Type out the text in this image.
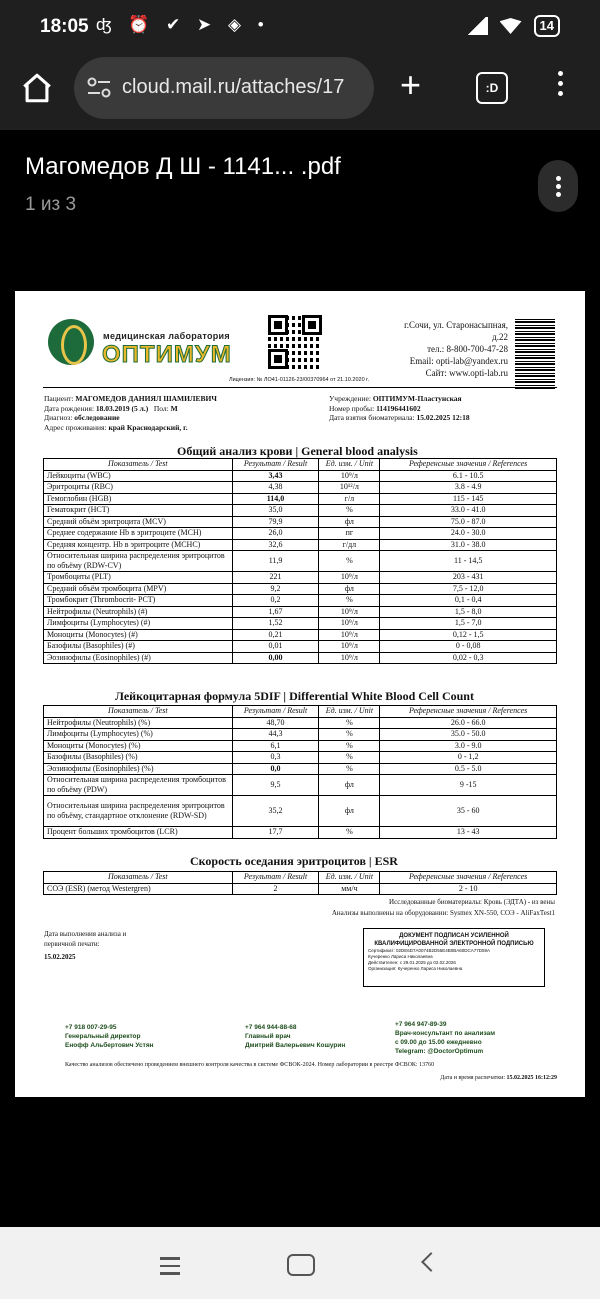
18:05 ʤ ⏰ ✔ ➤ ◈ •	14
cloud.mail.ru/attaches/17 +	:D
Магомедов Д Ш - 1141... .pdf
1 из 3
медицинская лаборатория
ОПТИМУМ
г.Сочи, ул. Старонасыпная,
д.22
тел.: 8-800-700-47-28
Email: opti-lab@yandex.ru
Сайт: www.opti-lab.ru
Лицензия: № ЛО41-01126-23/00370964 от 21.10.2020 г.
Пациент: МАГОМЕДОВ ДАНИЯЛ ШАМИЛЕВИЧ
Дата рождения: 18.03.2019 (5 л.) Пол: М
Диагноз: обследование
Адрес проживания: край Краснодарский, г.
Учреждение: ОПТИМУМ-Пластунская
Номер пробы: 114196441602
Дата взятия биоматериала: 15.02.2025 12:18
Общий анализ крови | General blood analysis
Показатель / Test	Результат / Result	Ед. изм. / Unit	Референсные значения / References
Лейкоциты (WBC)	3,43	10⁹/л	6.1 - 10.5
Эритроциты (RBC)	4,38	10¹²/л	3.8 - 4.9
Гемоглобин (HGB)	114,0	г/л	115 - 145
Гематокрит (HCT)	35,0	%	33.0 - 41.0
Средний объём эритроцита (MCV)	79,9	фл	75.0 - 87.0
Среднее содержание Hb в эритроците (MCH)	26,0	пг	24.0 - 30.0
Средняя концентр. Hb в эритроците (MCHC)	32,6	г/дл	31.0 - 38.0
Относительная ширина распределения эритроцитов по объёму (RDW-CV)	11,9	%	11 - 14,5
Тромбоциты (PLT)	221	10⁹/л	203 - 431
Средний объём тромбоцита (MPV)	9,2	фл	7,5 - 12,0
Тромбокрит (Thrombocrit- PCT)	0,2	%	0,1 - 0,4
Нейтрофилы (Neutrophils) (#)	1,67	10⁹/л	1,5 - 8,0
Лимфоциты (Lymphocytes) (#)	1,52	10⁹/л	1,5 - 7,0
Моноциты (Monocytes) (#)	0,21	10⁹/л	0,12 - 1,5
Базофилы (Basophiles) (#)	0,01	10⁹/л	0 - 0,08
Эозинофилы (Eosinophiles) (#)	0,00	10⁹/л	0,02 - 0,3
Лейкоцитарная формула 5DIF | Differential White Blood Cell Count
Показатель / Test	Результат / Result	Ед. изм. / Unit	Референсные значения / References
Нейтрофилы (Neutrophils) (%)	48,70	%	26.0 - 66.0
Лимфоциты (Lymphocytes) (%)	44,3	%	35.0 - 50.0
Моноциты (Monocytes) (%)	6,1	%	3.0 - 9.0
Базофилы (Basophiles) (%)	0,3	%	0 - 1,2
Эозинофилы (Eosinophiles) (%)	0,0	%	0.5 - 5.0
Относительная ширина распределения тромбоцитов по объёму (PDW)	9,5	фл	9 -15
Относительная ширина распределения эритроцитов по объёму, стандартное отклонение (RDW-SD)	35,2	фл	35 - 60
Процент больших тромбоцитов (LCR)	17,7	%	13 - 43
Скорость оседания эритроцитов | ESR
Показатель / Test	Результат / Result	Ед. изм. / Unit	Референсные значения / References
СОЭ (ESR) (метод Westergren)	2	мм/ч	2 - 10
Исследованные биоматериалы: Кровь (ЭДТА) - из вены
Анализы выполнены на оборудовании: Sysmex XN-550, СОЭ - AliFaxTest1
Дата выполнения анализа и первичной печати:
15.02.2025
ДОКУМЕНТ ПОДПИСАН УСИЛЕННОЙ КВАЛИФИЦИРОВАННОЙ ЭЛЕКТРОННОЙ ПОДПИСЬЮ
Сертификат: 02DE6D7A0074B2D55E4B0BA60DCA77D59A
Кучеренко Лариса Николаевна
Действителен: с 29.01.2025 до 02.02.2026
Организация: Кучеренко Лариса Николаевна
+7 918 007-29-95
Генеральный директор
Енофф Альбертович Устян
+7 964 944-88-68
Главный врач
Дмитрий Валерьевич Кошурин
+7 964 947-89-39
Врач-консультант по анализам
с 09.00 до 15.00 ежедневно
Telegram: @DoctorOptimum
Качество анализов обеспечено проведением внешнего контроля качества в системе ФСВОК-2024. Номер лаборатории в реестре ФСВОК: 13760
Дата и время распечатки: 15.02.2025 16:12:29
